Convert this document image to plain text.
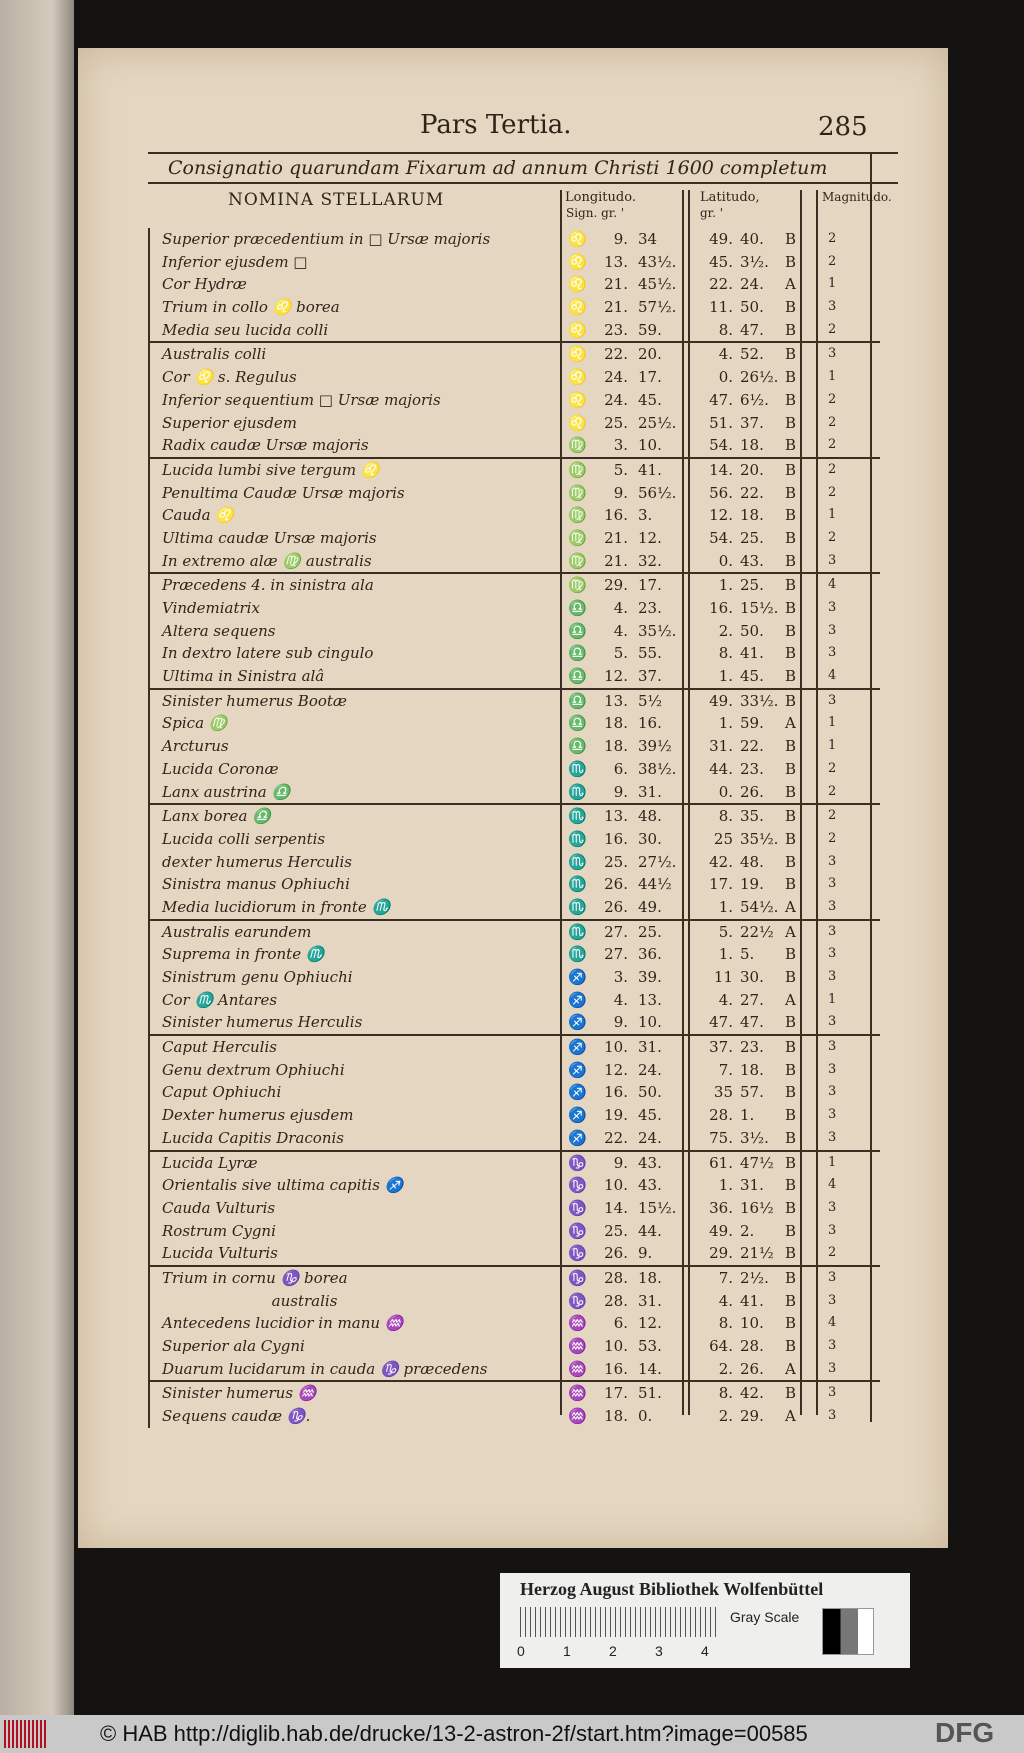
Pars Tertia.	285
Consignatio quarundam Fixarum ad annum Christi 1600 completum
NOMINA STELLARUM	Longitudo.	Latitudo,	Magnitudo.
Sign. gr. '	gr. '
Superior præcedentium in □ Ursæ majoris	♌	9. 34	49. 40. B 2
Inferior ejusdem □	♌	13. 43½.	45. 3½. B 2
Cor Hydræ	♌	21. 45½.	22. 24. A 1
Trium in collo ♌ borea	♌	21. 57½.	11. 50. B 3
Media seu lucida colli	♌	23. 59.	8. 47. B 2
Australis colli	♌	22. 20.	4. 52. B 3
Cor ♌ s. Regulus	♌	24. 17.	0. 26½. B 1
Inferior sequentium □ Ursæ majoris	♌	24. 45.	47. 6½. B 2
Superior ejusdem	♌	25. 25½.	51. 37. B 2
Radix caudæ Ursæ majoris	♍	3. 10.	54. 18. B 2
Lucida lumbi sive tergum ♌	♍	5. 41.	14. 20. B 2
Penultima Caudæ Ursæ majoris	♍	9. 56½.	56. 22. B 2
Cauda ♌	♍	16. 3.	12. 18. B 1
Ultima caudæ Ursæ majoris	♍	21. 12.	54. 25. B 2
In extremo alæ ♍ australis	♍	21. 32.	0. 43. B 3
Præcedens 4. in sinistra ala	♍	29. 17.	1. 25. B 4
Vindemiatrix	♎	4. 23.	16. 15½. B 3
Altera sequens	♎	4. 35½.	2. 50. B 3
In dextro latere sub cingulo	♎	5. 55.	8. 41. B 3
Ultima in Sinistra alâ	♎	12. 37.	1. 45. B 4
Sinister humerus Bootæ	♎	13. 5½	49. 33½. B 3
Spica ♍	♎	18. 16.	1. 59. A 1
Arcturus	♎	18. 39½	31. 22. B 1
Lucida Coronæ	♏	6. 38½.	44. 23. B 2
Lanx austrina ♎	♏	9. 31.	0. 26. B 2
Lanx borea ♎	♏	13. 48.	8. 35. B 2
Lucida colli serpentis	♏	16. 30.	25 35½. B 2
dexter humerus Herculis	♏	25. 27½.	42. 48. B 3
Sinistra manus Ophiuchi	♏	26. 44½	17. 19. B 3
Media lucidiorum in fronte ♏	♏	26. 49.	1. 54½. A 3
Australis earundem	♏	27. 25.	5. 22½ A 3
Suprema in fronte ♏	♏	27. 36.	1. 5. B 3
Sinistrum genu Ophiuchi	♐	3. 39.	11 30. B 3
Cor ♏ Antares	♐	4. 13.	4. 27. A 1
Sinister humerus Herculis	♐	9. 10.	47. 47. B 3
Caput Herculis	♐	10. 31.	37. 23. B 3
Genu dextrum Ophiuchi	♐	12. 24.	7. 18. B 3
Caput Ophiuchi	♐	16. 50.	35 57. B 3
Dexter humerus ejusdem	♐	19. 45.	28. 1. B 3
Lucida Capitis Draconis	♐	22. 24.	75. 3½. B 3
Lucida Lyræ	♑	9. 43.	61. 47½ B 1
Orientalis sive ultima capitis ♐	♑	10. 43.	1. 31. B 4
Cauda Vulturis	♑	14. 15½.	36. 16½ B 3
Rostrum Cygni	♑	25. 44.	49. 2. B 3
Lucida Vulturis	♑	26. 9.	29. 21½ B 2
Trium in cornu ♑ borea	♑	28. 18.	7. 2½. B 3
australis	♑	28. 31.	4. 41. B 3
Antecedens lucidior in manu ♒	♒	6. 12.	8. 10. B 4
Superior ala Cygni	♒	10. 53.	64. 28. B 3
Duarum lucidarum in cauda ♑ præcedens	♒	16. 14.	2. 26. A 3
Sinister humerus ♒	♒	17. 51.	8. 42. B 3
Sequens caudæ ♑.	♒	18. 0.	2. 29. A 3
Herzog August Bibliothek Wolfenbüttel
0	1	2	3	4
Gray Scale
© HAB http://diglib.hab.de/drucke/13-2-astron-2f/start.htm?image=00585	DFG
